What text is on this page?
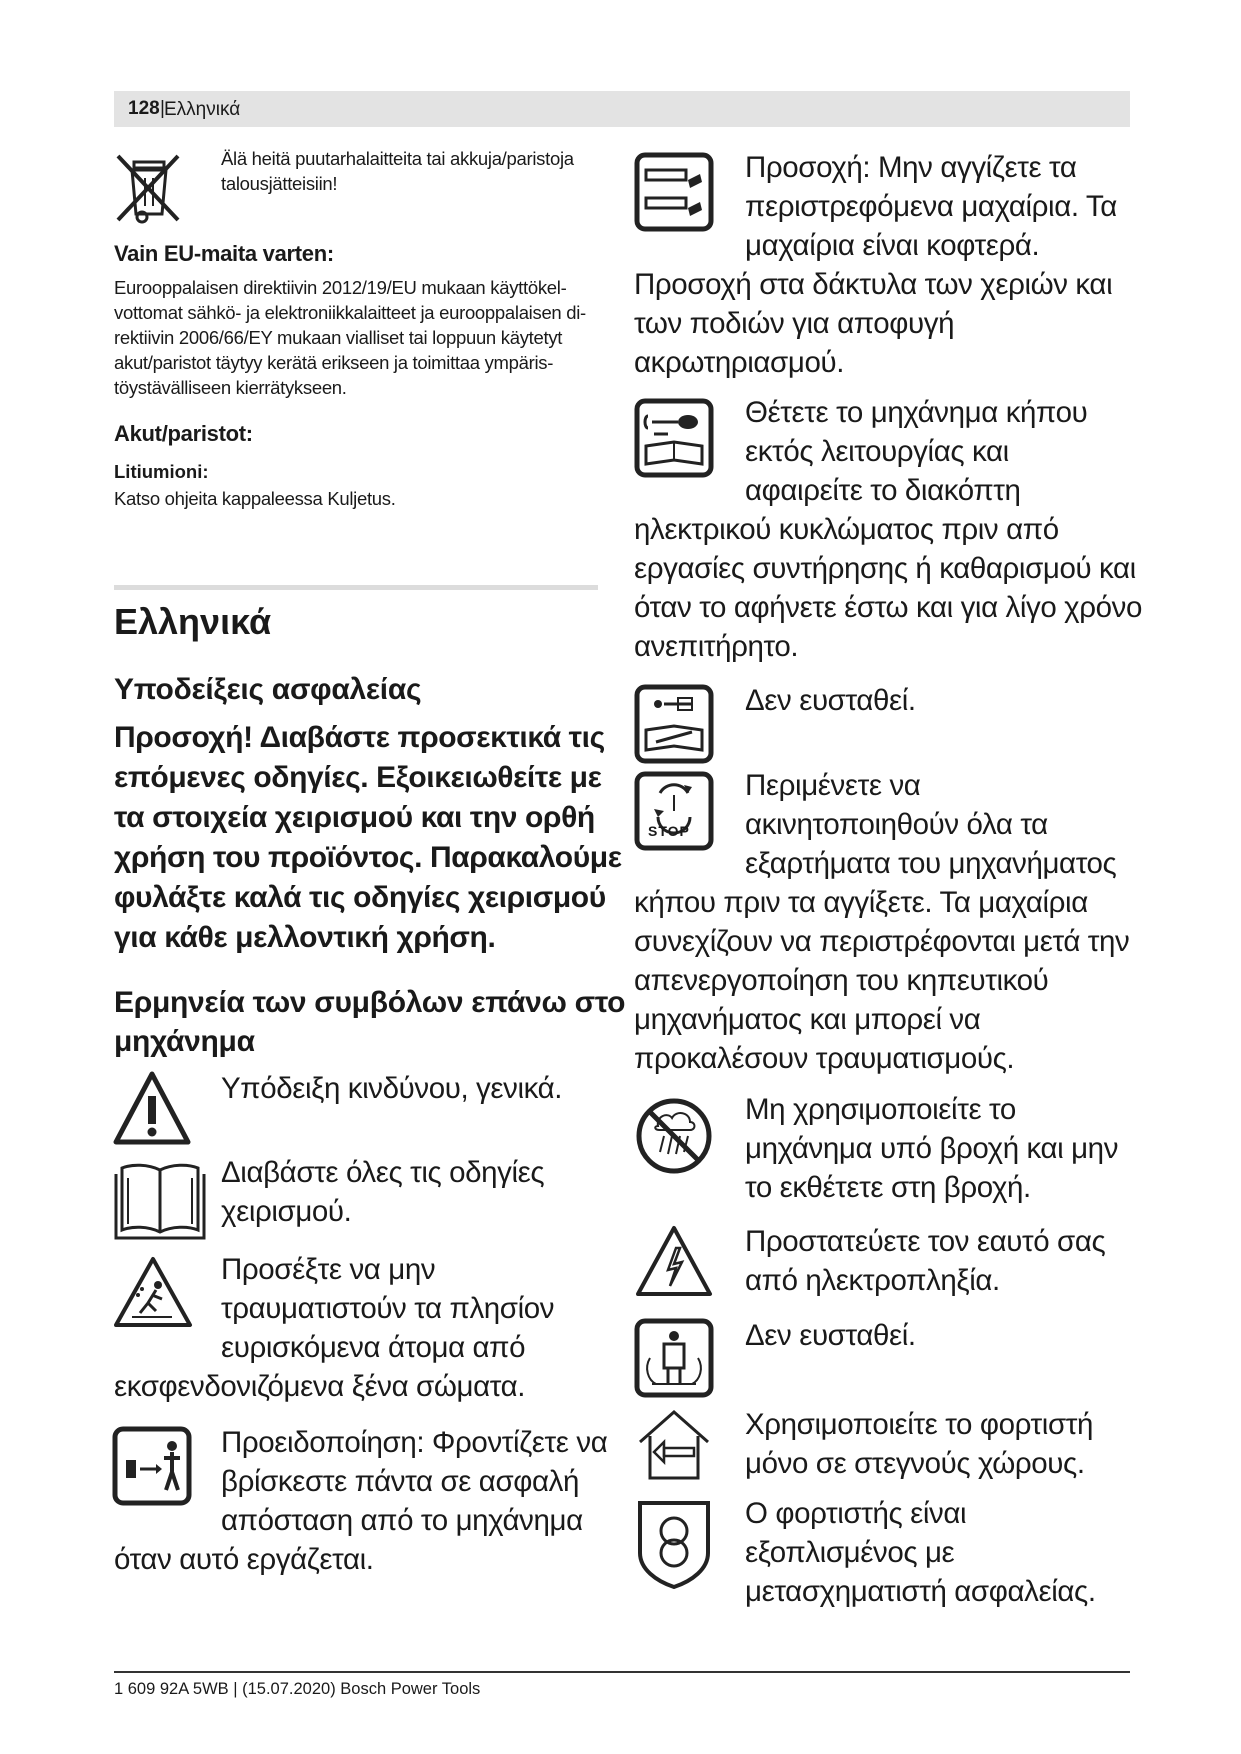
128 | Ελληνικά
Älä heitä puutarhalaitteita tai akkuja/paristoja
talousjätteisiin!
Vain EU-maita varten:
Eurooppalaisen direktiivin 2012/19/EU mukaan käyttökel-
vottomat sähkö- ja elektroniikkalaitteet ja eurooppalaisen di-
rektiivin 2006/66/EY mukaan vialliset tai loppuun käytetyt
akut/paristot täytyy kerätä erikseen ja toimittaa ympäris-
töystävälliseen kierrätykseen.
Akut/paristot:
Litiumioni:
Katso ohjeita kappaleessa Kuljetus.
Ελληνικά
Υποδείξεις ασφαλείας
Προσοχή! Διαβάστε προσεκτικά τις
επόμενες οδηγίες. Εξοικειωθείτε με
τα στοιχεία χειρισμού και την ορθή
χρήση του προϊόντος. Παρακαλούμε
φυλάξτε καλά τις οδηγίες χειρισμού
για κάθε μελλοντική χρήση.
Ερμηνεία των συμβόλων επάνω στο
μηχάνημα
Υπόδειξη κινδύνου, γενικά.
Διαβάστε όλες τις οδηγίες
χειρισμού.
Προσέξτε να μην
τραυματιστούν τα πλησίον
ευρισκόμενα άτομα από
εκσφενδονιζόμενα ξένα σώματα.
Προειδοποίηση: Φροντίζετε να
βρίσκεστε πάντα σε ασφαλή
απόσταση από το μηχάνημα
όταν αυτό εργάζεται.
Προσοχή: Μην αγγίζετε τα
περιστρεφόμενα μαχαίρια. Τα
μαχαίρια είναι κοφτερά.
Προσοχή στα δάκτυλα των χεριών και
των ποδιών για αποφυγή
ακρωτηριασμού.
Θέτετε το μηχάνημα κήπου
εκτός λειτουργίας και
αφαιρείτε το διακόπτη
ηλεκτρικού κυκλώματος πριν από
εργασίες συντήρησης ή καθαρισμού και
όταν το αφήνετε έστω και για λίγο χρόνο
ανεπιτήρητο.
Δεν ευσταθεί.
STOP
Περιμένετε να
ακινητοποιηθούν όλα τα
εξαρτήματα του μηχανήματος
κήπου πριν τα αγγίξετε. Τα μαχαίρια
συνεχίζουν να περιστρέφονται μετά την
απενεργοποίηση του κηπευτικού
μηχανήματος και μπορεί να
προκαλέσουν τραυματισμούς.
Μη χρησιμοποιείτε το
μηχάνημα υπό βροχή και μην
το εκθέτετε στη βροχή.
Προστατεύετε τον εαυτό σας
από ηλεκτροπληξία.
Δεν ευσταθεί.
Χρησιμοποιείτε το φορτιστή
μόνο σε στεγνούς χώρους.
Ο φορτιστής είναι
εξοπλισμένος με
μετασχηματιστή ασφαλείας.
1 609 92A 5WB | (15.07.2020) Bosch Power Tools
